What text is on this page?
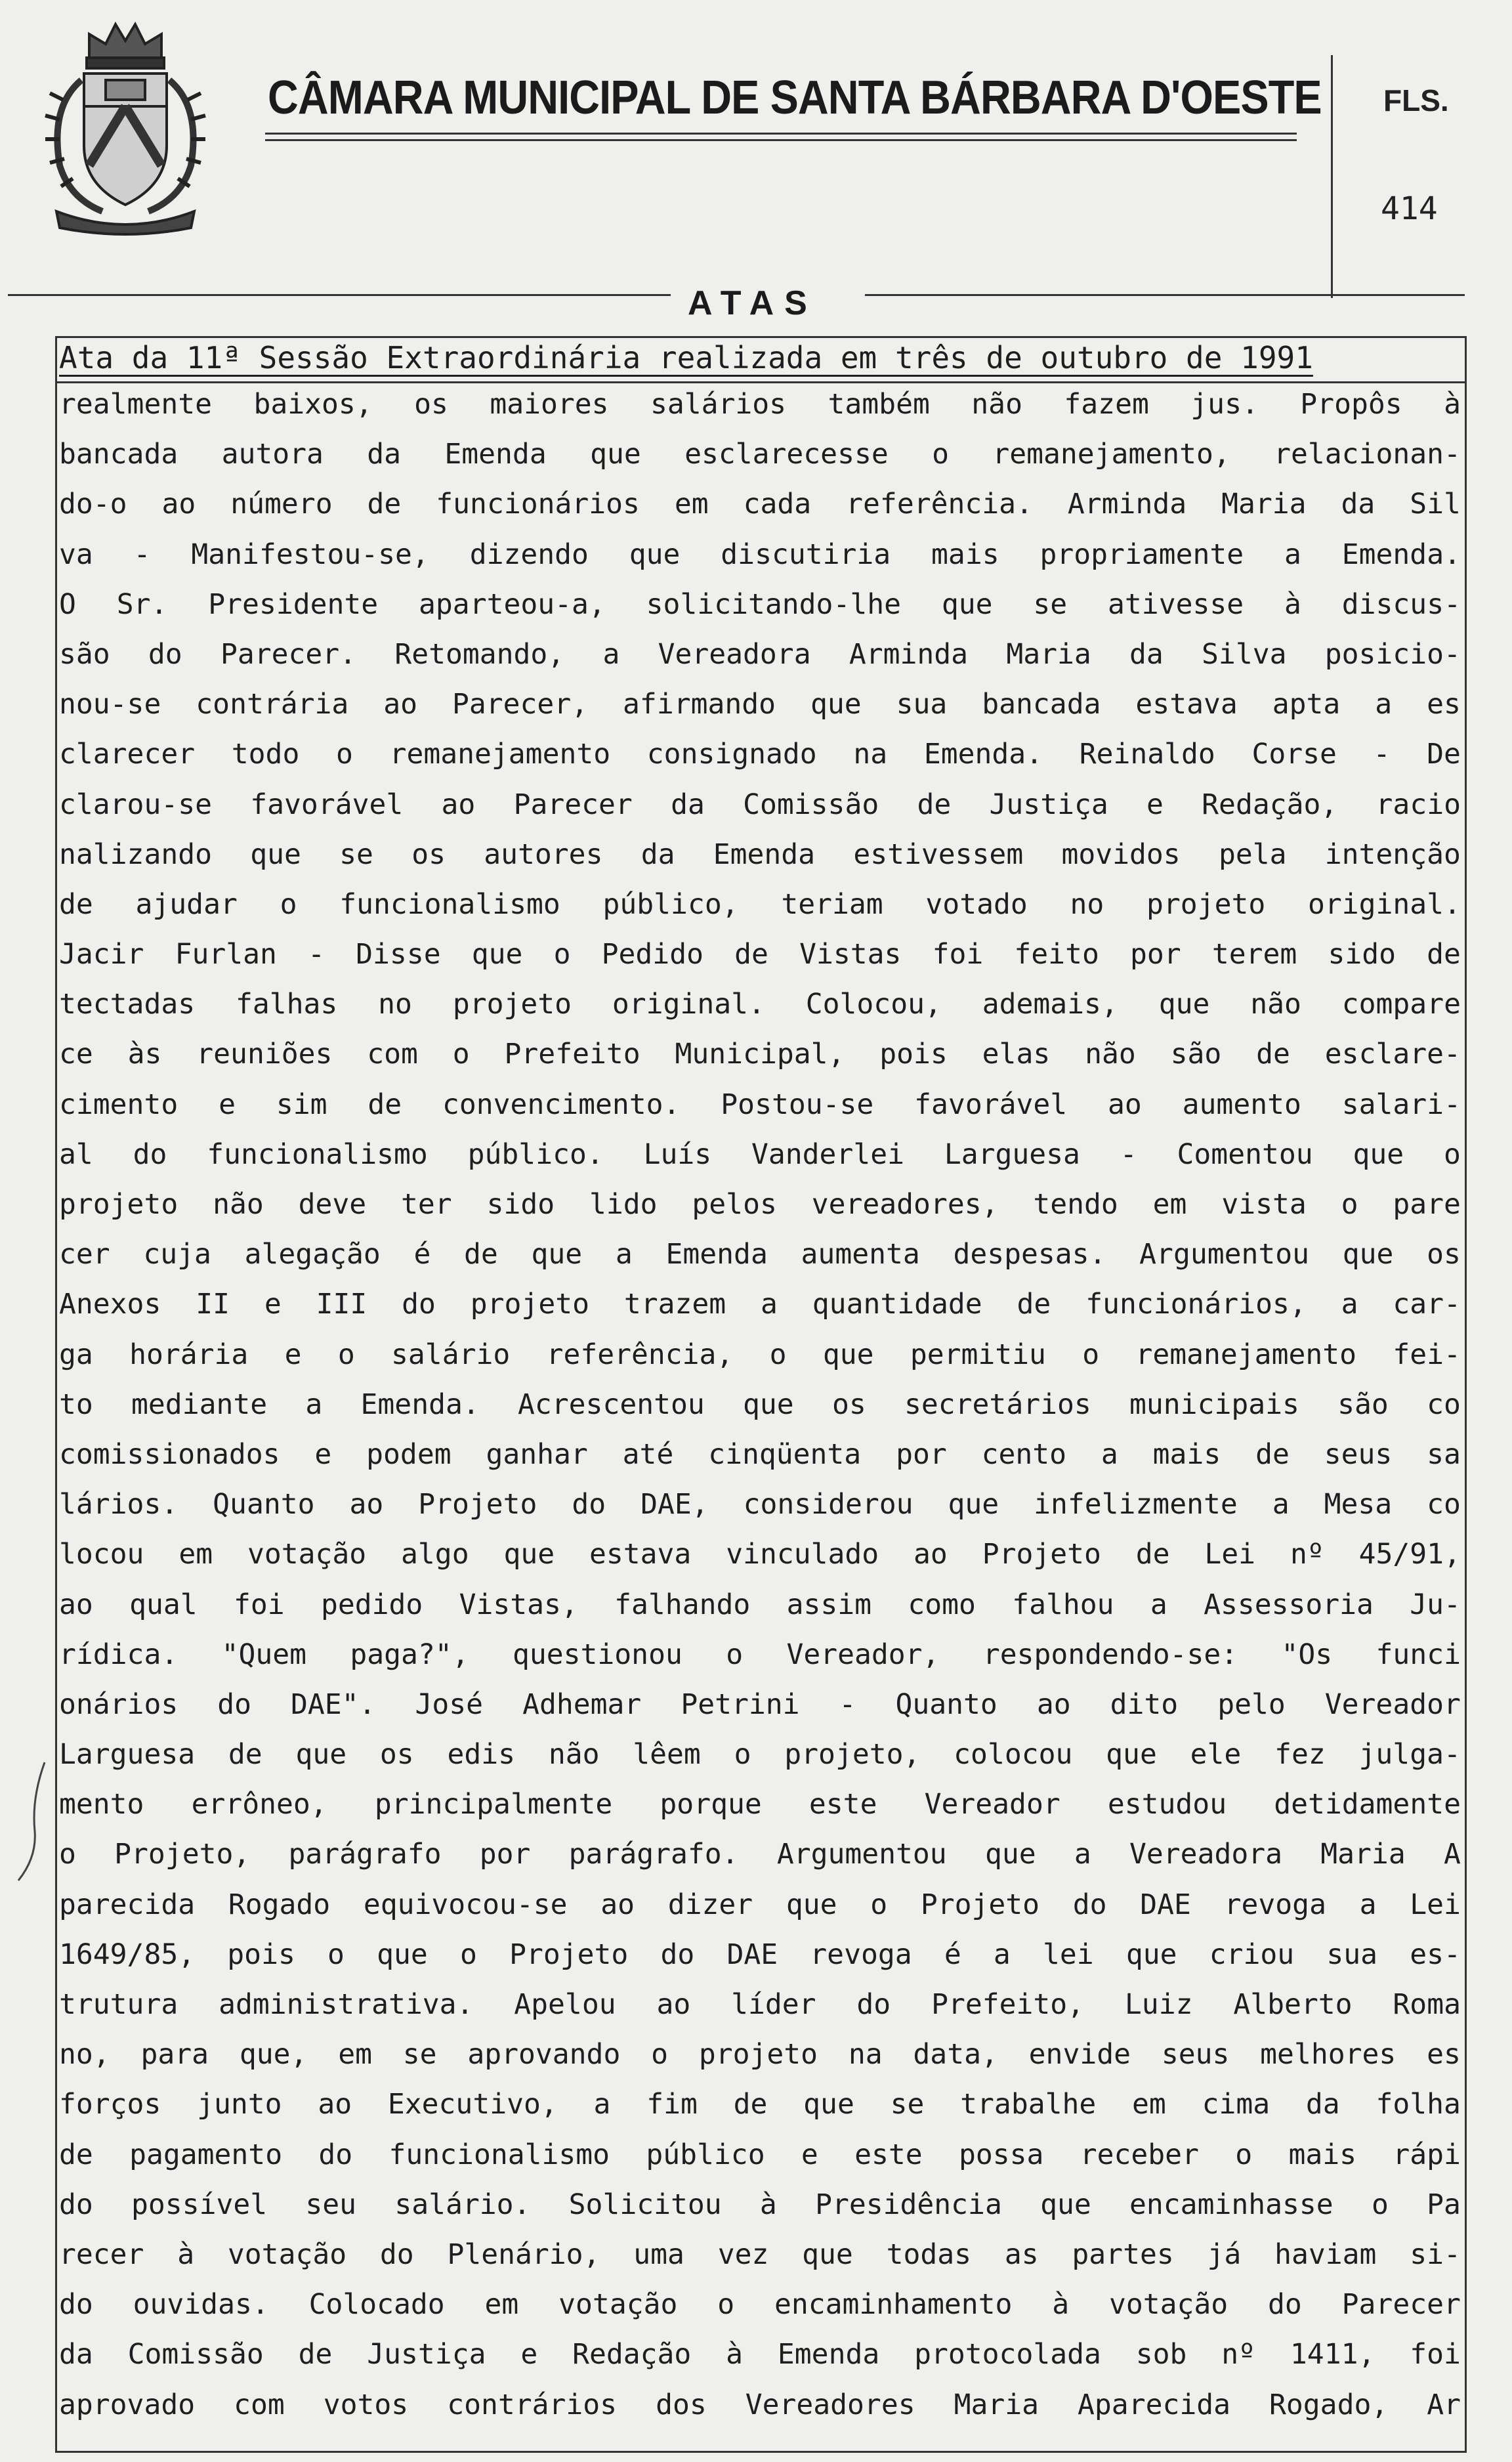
CÂMARA MUNICIPAL DE SANTA BÁRBARA D'OESTE FLS.
414
ATAS
Ata da 11ª Sessão Extraordinária realizada em três de outubro de 1991
realmente baixos, os maiores salários também não fazem jus. Propôs à
bancada autora da Emenda que esclarecesse o remanejamento, relacionan-
do-o ao número de funcionários em cada referência. Arminda Maria da Sil
va - Manifestou-se, dizendo que discutiria mais propriamente a Emenda.
O Sr. Presidente aparteou-a, solicitando-lhe que se ativesse à discus-
são do Parecer. Retomando, a Vereadora Arminda Maria da Silva posicio-
nou-se contrária ao Parecer, afirmando que sua bancada estava apta a es
clarecer todo o remanejamento consignado na Emenda. Reinaldo Corse - De
clarou-se favorável ao Parecer da Comissão de Justiça e Redação, racio
nalizando que se os autores da Emenda estivessem movidos pela intenção
de ajudar o funcionalismo público, teriam votado no projeto original.
Jacir Furlan - Disse que o Pedido de Vistas foi feito por terem sido de
tectadas falhas no projeto original. Colocou, ademais, que não compare
ce às reuniões com o Prefeito Municipal, pois elas não são de esclare-
cimento e sim de convencimento. Postou-se favorável ao aumento salari-
al do funcionalismo público. Luís Vanderlei Larguesa - Comentou que o
projeto não deve ter sido lido pelos vereadores, tendo em vista o pare
cer cuja alegação é de que a Emenda aumenta despesas. Argumentou que os
Anexos II e III do projeto trazem a quantidade de funcionários, a car-
ga horária e o salário referência, o que permitiu o remanejamento fei-
to mediante a Emenda. Acrescentou que os secretários municipais são co
comissionados e podem ganhar até cinqüenta por cento a mais de seus sa
lários. Quanto ao Projeto do DAE, considerou que infelizmente a Mesa co
locou em votação algo que estava vinculado ao Projeto de Lei nº 45/91,
ao qual foi pedido Vistas, falhando assim como falhou a Assessoria Ju-
rídica. "Quem paga?", questionou o Vereador, respondendo-se: "Os funci
onários do DAE". José Adhemar Petrini - Quanto ao dito pelo Vereador
Larguesa de que os edis não lêem o projeto, colocou que ele fez julga-
mento errôneo, principalmente porque este Vereador estudou detidamente
o Projeto, parágrafo por parágrafo. Argumentou que a Vereadora Maria A
parecida Rogado equivocou-se ao dizer que o Projeto do DAE revoga a Lei
1649/85, pois o que o Projeto do DAE revoga é a lei que criou sua es-
trutura administrativa. Apelou ao líder do Prefeito, Luiz Alberto Roma
no, para que, em se aprovando o projeto na data, envide seus melhores es
forços junto ao Executivo, a fim de que se trabalhe em cima da folha
de pagamento do funcionalismo público e este possa receber o mais rápi
do possível seu salário. Solicitou à Presidência que encaminhasse o Pa
recer à votação do Plenário, uma vez que todas as partes já haviam si-
do ouvidas. Colocado em votação o encaminhamento à votação do Parecer
da Comissão de Justiça e Redação à Emenda protocolada sob nº 1411, foi
aprovado com votos contrários dos Vereadores Maria Aparecida Rogado, Ar
